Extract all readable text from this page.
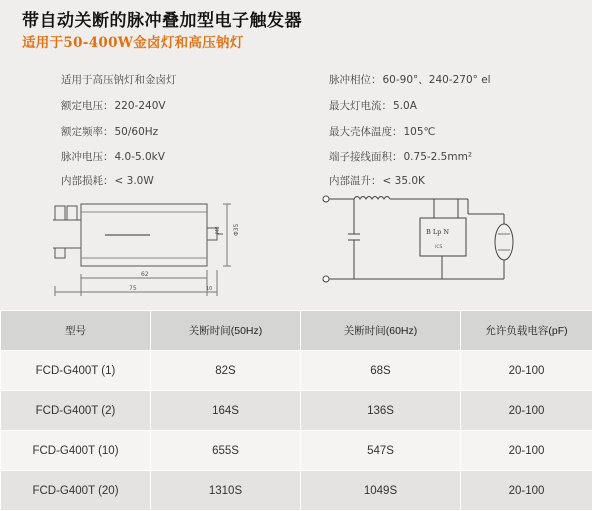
带自动关断的脉冲叠加型电子触发器
适用于50-400W金卤灯和高压钠灯
适用于高压钠灯和金卤灯
额定电压：220-240V
额定频率：50/60Hz
脉冲电压：4.0-5.0kV
内部损耗：< 3.0W
脉冲相位：60-90°、240-270° el
最大灯电流：5.0A
最大壳体温度：105℃
端子接线面积：0.75-2.5mm²
内部温升：< 35.0K
Φ35
M8
62
75	10
B Lp N
ICS
型号	关断时间(50Hz)	关断时间(60Hz)	允许负载电容(pF)
FCD-G400T (1)	82S	68S	20-100
FCD-G400T (2)	164S	136S	20-100
FCD-G400T (10)	655S	547S	20-100
FCD-G400T (20)	1310S	1049S	20-100
